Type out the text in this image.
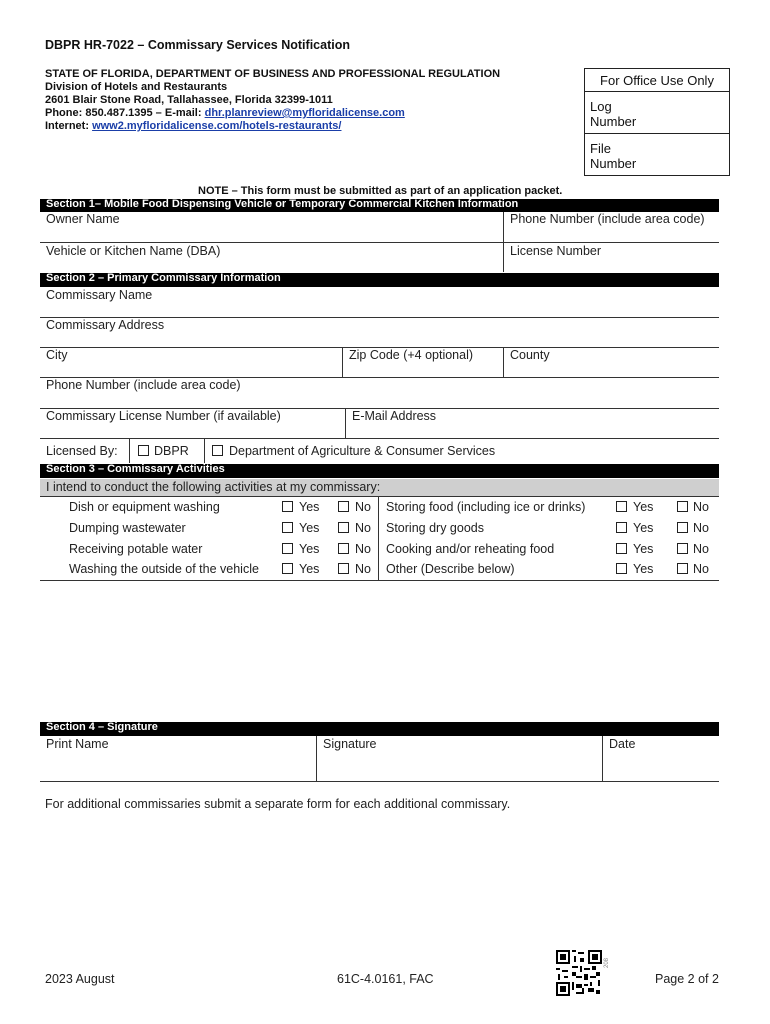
DBPR HR-7022 – Commissary Services Notification
STATE OF FLORIDA, DEPARTMENT OF BUSINESS AND PROFESSIONAL REGULATION
Division of Hotels and Restaurants
2601 Blair Stone Road, Tallahassee, Florida 32399-1011
Phone: 850.487.1395 – E-mail: dhr.planreview@myfloridalicense.com
Internet: www2.myfloridalicense.com/hotels-restaurants/
For Office Use Only
Log
Number
File
Number
NOTE – This form must be submitted as part of an application packet.
Section 1– Mobile Food Dispensing Vehicle or Temporary Commercial Kitchen Information
Owner Name	Phone Number (include area code)
Vehicle or Kitchen Name (DBA)	License Number
Section 2 – Primary Commissary Information
Commissary Name
Commissary Address
City	Zip Code (+4 optional)	County
Phone Number (include area code)
Commissary License Number (if available)	E-Mail Address
Licensed By:	DBPR	Department of Agriculture & Consumer Services
Section 3 – Commissary Activities
I intend to conduct the following activities at my commissary:
Dish or equipment washing	Yes	No
Dumping wastewater	Yes	No
Receiving potable water	Yes	No
Washing the outside of the vehicle	Yes	No
Storing food (including ice or drinks)	Yes	No
Storing dry goods	Yes	No
Cooking and/or reheating food	Yes	No
Other (Describe below)	Yes	No
Section 4 – Signature
Print Name	Signature	Date
For additional commissaries submit a separate form for each additional commissary.
2023 August	61C-4.0161, FAC	Page 2 of 2
208
